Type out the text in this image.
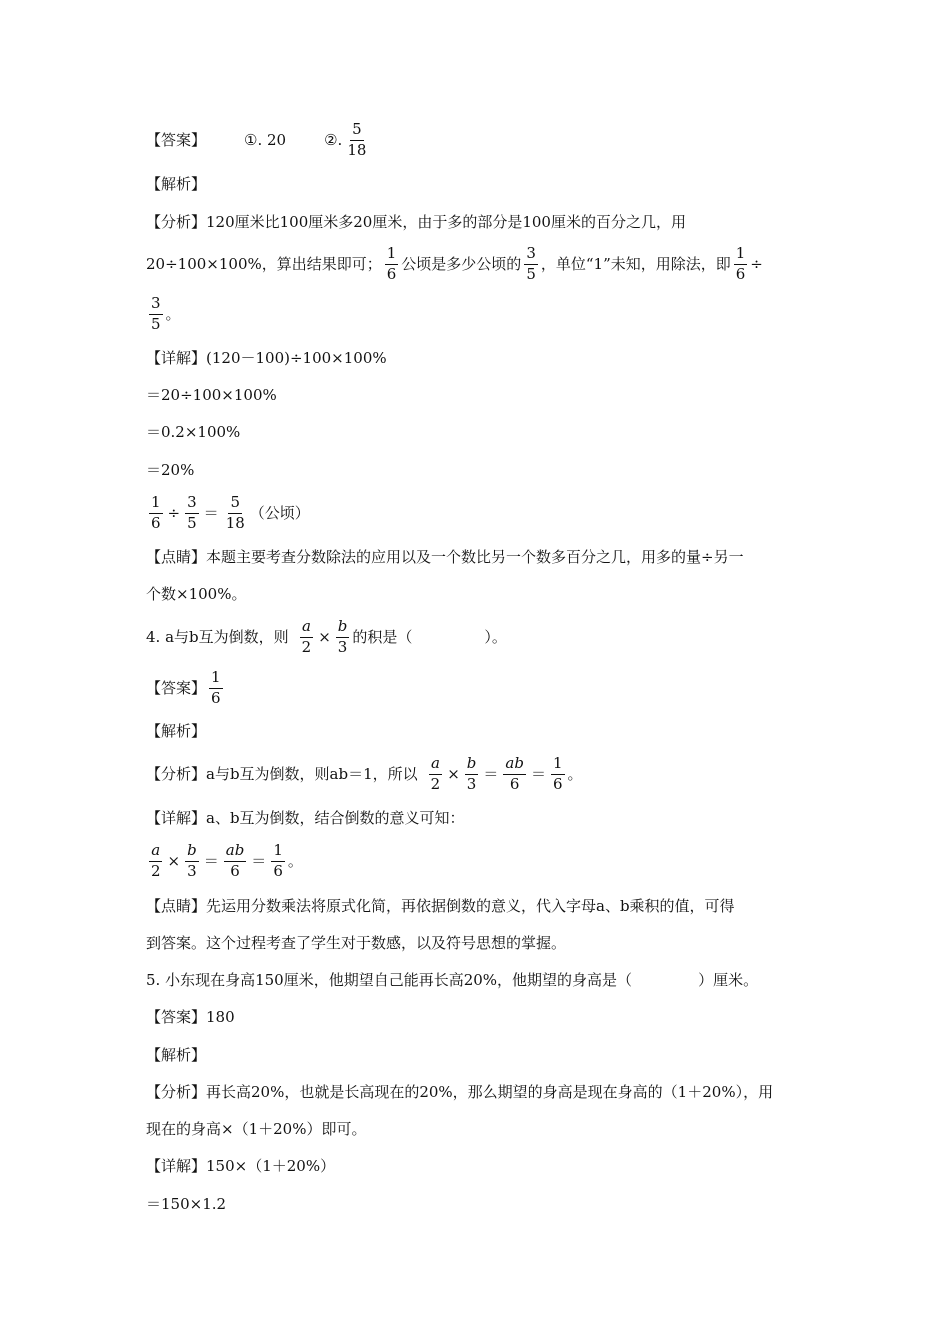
【答案】	①. 20	②. $\frac{5}{18}$
【解析】
【分析】120厘米比100厘米多20厘米，由于多的部分是100厘米的百分之几，用
20÷100×100%，算出结果即可； $\frac{1}{6}$ 公顷是多少公顷的 $\frac{3}{5}$ ，单位“1”未知，用除法，即 $\frac{1}{6}$ ÷
$\frac{3}{5}$ 。
【详解】(120－100)÷100×100%
＝20÷100×100%
＝0.2×100%
＝20%
$\frac{1}{6} \div \frac{3}{5} = \frac{5}{18}$ （公顷）
【点睛】本题主要考查分数除法的应用以及一个数比另一个数多百分之几，用多的量÷另一
个数×100%。
4. a与b互为倒数，则 $\frac{a}{2} \times \frac{b}{3}$ 的积是（	）。
【答案】 $\frac{1}{6}$
【解析】
【分析】a与b互为倒数，则ab＝1，所以 $\frac{a}{2} \times \frac{b}{3} = \frac{ab}{6} = \frac{1}{6}$ 。
【详解】a、b互为倒数，结合倒数的意义可知：
$\frac{a}{2} \times \frac{b}{3} = \frac{ab}{6} = \frac{1}{6}$ 。
【点睛】先运用分数乘法将原式化简，再依据倒数的意义，代入字母a、b乘积的值，可得
到答案。这个过程考查了学生对于数感，以及符号思想的掌握。
5. 小东现在身高150厘米，他期望自己能再长高20%，他期望的身高是（	）厘米。
【答案】180
【解析】
【分析】再长高20%，也就是长高现在的20%，那么期望的身高是现在身高的（1＋20%），用
现在的身高×（1＋20%）即可。
【详解】150×（1＋20%）
＝150×1.2
